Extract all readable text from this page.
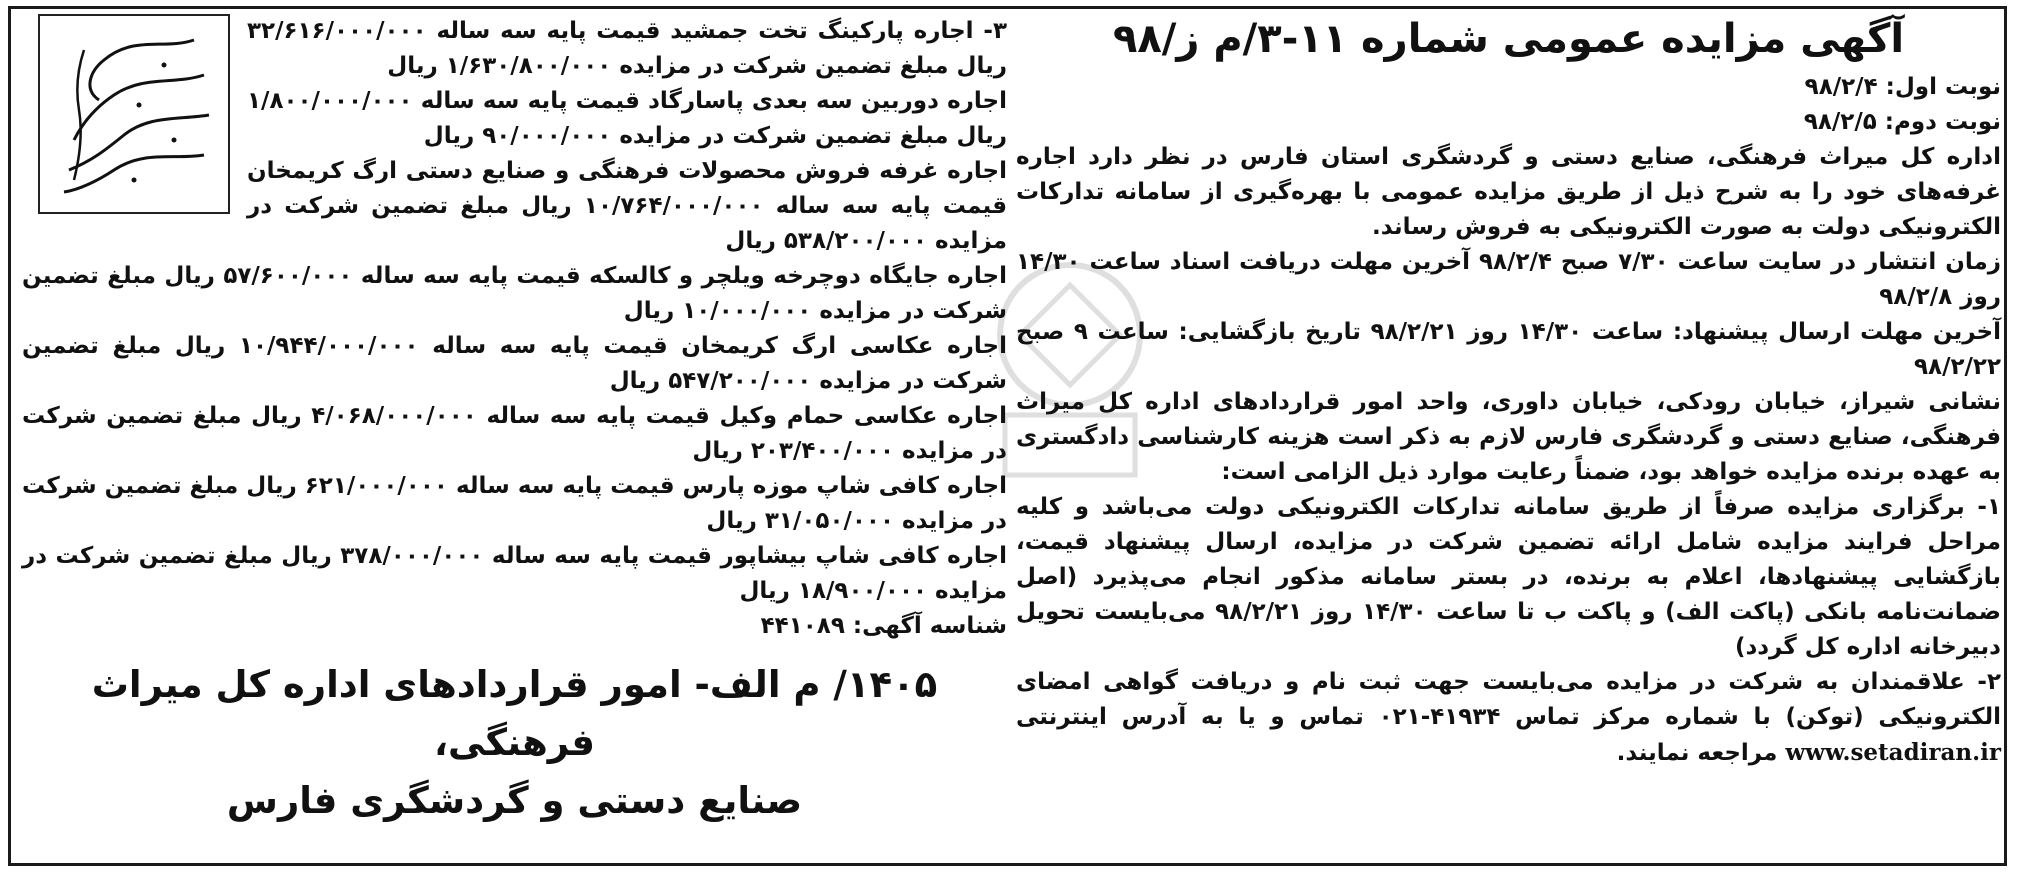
آگهی مزایده عمومی شماره ۱۱-۳/م ز/۹۸
نوبت اول: ۹۸/۲/۴
نوبت دوم: ۹۸/۲/۵

اداره کل میراث فرهنگی، صنایع دستی و گردشگری استان فارس در نظر دارد اجاره غرفه‌های خود را به شرح ذیل از طریق مزایده عمومی با بهره‌گیری از سامانه تدارکات الکترونیکی دولت به صورت الکترونیکی به فروش رساند.

زمان انتشار در سایت ساعت ۷/۳۰ صبح ۹۸/۲/۴ آخرین مهلت دریافت اسناد ساعت ۱۴/۳۰ روز ۹۸/۲/۸

آخرین مهلت ارسال پیشنهاد: ساعت ۱۴/۳۰ روز ۹۸/۲/۲۱ تاریخ بازگشایی: ساعت ۹ صبح ۹۸/۲/۲۲

نشانی شیراز، خیابان رودکی، خیابان داوری، واحد امور قراردادهای اداره کل میراث فرهنگی، صنایع دستی و گردشگری فارس لازم به ذکر است هزینه کارشناسی دادگستری به عهده برنده مزایده خواهد بود، ضمناً رعایت موارد ذیل الزامی است:

۱- برگزاری مزایده صرفاً از طریق سامانه تدارکات الکترونیکی دولت می‌باشد و کلیه مراحل فرایند مزایده شامل ارائه تضمین شرکت در مزایده، ارسال پیشنهاد قیمت، بازگشایی پیشنهادها، اعلام به برنده، در بستر سامانه مذکور انجام می‌پذیرد (اصل ضمانت‌نامه بانکی (پاکت الف) و پاکت ب تا ساعت ۱۴/۳۰ روز ۹۸/۲/۲۱ می‌بایست تحویل دبیرخانه اداره کل گردد)

۲- علاقمندان به شرکت در مزایده می‌بایست جهت ثبت نام و دریافت گواهی امضای الکترونیکی (توکن) با شماره مرکز تماس ۴۱۹۳۴-۰۲۱ تماس و یا به آدرس اینترنتی www.setadiran.ir مراجعه نمایند.

۳- اجاره پارکینگ تخت جمشید قیمت پایه سه ساله ۳۲/۶۱۶/۰۰۰/۰۰۰ ریال مبلغ تضمین شرکت در مزایده ۱/۶۳۰/۸۰۰/۰۰۰ ریال

اجاره دوربین سه بعدی پاسارگاد قیمت پایه سه ساله ۱/۸۰۰/۰۰۰/۰۰۰ ریال مبلغ تضمین شرکت در مزایده ۹۰/۰۰۰/۰۰۰ ریال

اجاره غرفه فروش محصولات فرهنگی و صنایع دستی ارگ کریمخان قیمت پایه سه ساله ۱۰/۷۶۴/۰۰۰/۰۰۰ ریال مبلغ تضمین شرکت در مزایده ۵۳۸/۲۰۰/۰۰۰ ریال

اجاره جایگاه دوچرخه ویلچر و کالسکه قیمت پایه سه ساله ۵۷/۶۰۰/۰۰۰ ریال مبلغ تضمین شرکت در مزایده ۱۰/۰۰۰/۰۰۰ ریال

اجاره عکاسی ارگ کریمخان قیمت پایه سه ساله ۱۰/۹۴۴/۰۰۰/۰۰۰ ریال مبلغ تضمین شرکت در مزایده ۵۴۷/۲۰۰/۰۰۰ ریال

اجاره عکاسی حمام وکیل قیمت پایه سه ساله ۴/۰۶۸/۰۰۰/۰۰۰ ریال مبلغ تضمین شرکت در مزایده ۲۰۳/۴۰۰/۰۰۰ ریال

اجاره کافی شاپ موزه پارس قیمت پایه سه ساله ۶۲۱/۰۰۰/۰۰۰ ریال مبلغ تضمین شرکت در مزایده ۳۱/۰۵۰/۰۰۰ ریال

اجاره کافی شاپ بیشاپور قیمت پایه سه ساله ۳۷۸/۰۰۰/۰۰۰ ریال مبلغ تضمین شرکت در مزایده ۱۸/۹۰۰/۰۰۰ ریال

شناسه آگهی: ۴۴۱۰۸۹
۱۴۰۵/ م الف- امور قراردادهای اداره کل میراث فرهنگی،
صنایع دستی و گردشگری فارس
